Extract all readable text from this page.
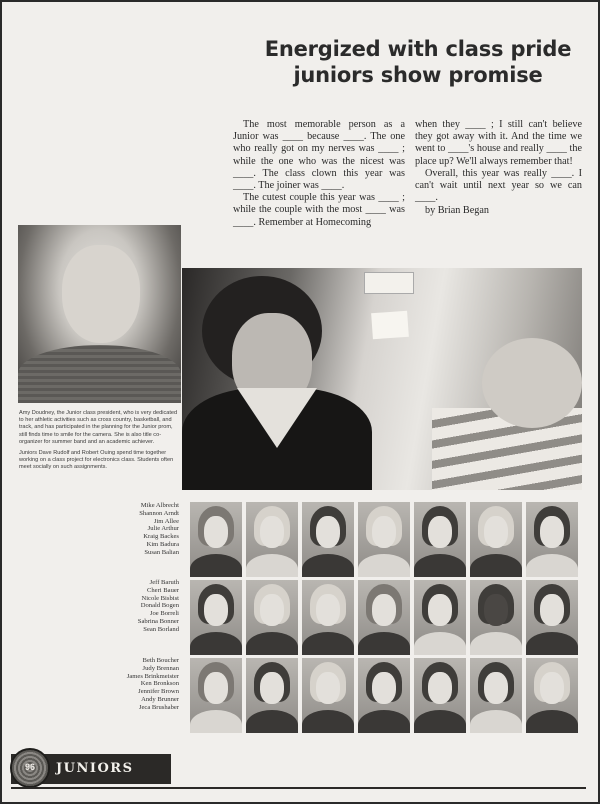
Energized with class pride
juniors show promise

The most memorable person as a Junior was ____ because ____. The one who really got on my nerves was ____ ; while the one who was the nicest was ____. The class clown this year was ____. The joiner was ____.

The cutest couple this year was ____ ; while the couple with the most ____ was ____. Remember at Homecoming

when they ____ ; I still can't believe they got away with it. And the time we went to ____'s house and really ____ the place up? We'll always remember that!

Overall, this year was really ____. I can't wait until next year so we can ____.

by Brian Began

Amy Doudney, the Junior class president, who is very dedicated to her athletic activities such as cross country, basketball, and track, and has participated in the planning for the Junior prom, still finds time to smile for the camera. She is also title co-organizer for summer band and an academic achiever.

Juniors Dave Rudolf and Robert Ouing spend time together working on a class project for electronics class. Students often meet socially on such assignments.

Mike Albrecht
Shannon Arndt
Jim Allee
Julie Arthur
Kraig Backes
Kim Badura
Susan Balian
Jeff Baruth
Cheri Bauer
Nicole Bisbist
Donald Bogen
Joe Borreli
Sabrina Bonner
Sean Borland
Beth Boucher
Judy Brennan
James Brinkmeister
Ken Bronkson
Jennifer Brown
Andy Brunner
Jeca Brushaber
96	JUNIORS
